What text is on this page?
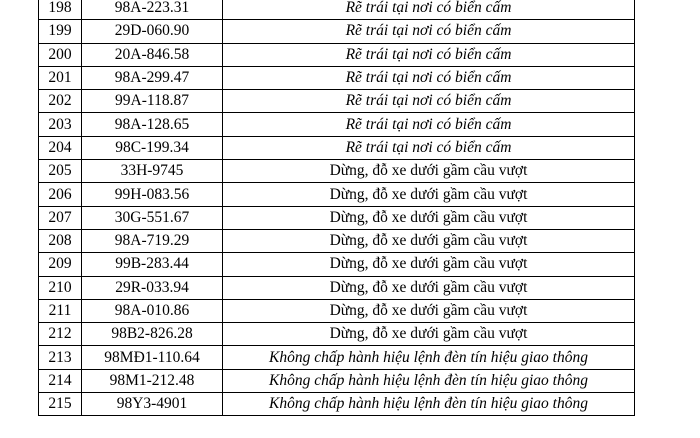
198	98A-223.31	Rẽ trái tại nơi có biển cấm
199	29D-060.90	Rẽ trái tại nơi có biển cấm
200	20A-846.58	Rẽ trái tại nơi có biển cấm
201	98A-299.47	Rẽ trái tại nơi có biển cấm
202	99A-118.87	Rẽ trái tại nơi có biển cấm
203	98A-128.65	Rẽ trái tại nơi có biển cấm
204	98C-199.34	Rẽ trái tại nơi có biển cấm
205	33H-9745	Dừng, đỗ xe dưới gầm cầu vượt
206	99H-083.56	Dừng, đỗ xe dưới gầm cầu vượt
207	30G-551.67	Dừng, đỗ xe dưới gầm cầu vượt
208	98A-719.29	Dừng, đỗ xe dưới gầm cầu vượt
209	99B-283.44	Dừng, đỗ xe dưới gầm cầu vượt
210	29R-033.94	Dừng, đỗ xe dưới gầm cầu vượt
211	98A-010.86	Dừng, đỗ xe dưới gầm cầu vượt
212	98B2-826.28	Dừng, đỗ xe dưới gầm cầu vượt
213	98MĐ1-110.64	Không chấp hành hiệu lệnh đèn tín hiệu giao thông
214	98M1-212.48	Không chấp hành hiệu lệnh đèn tín hiệu giao thông
215	98Y3-4901	Không chấp hành hiệu lệnh đèn tín hiệu giao thông
